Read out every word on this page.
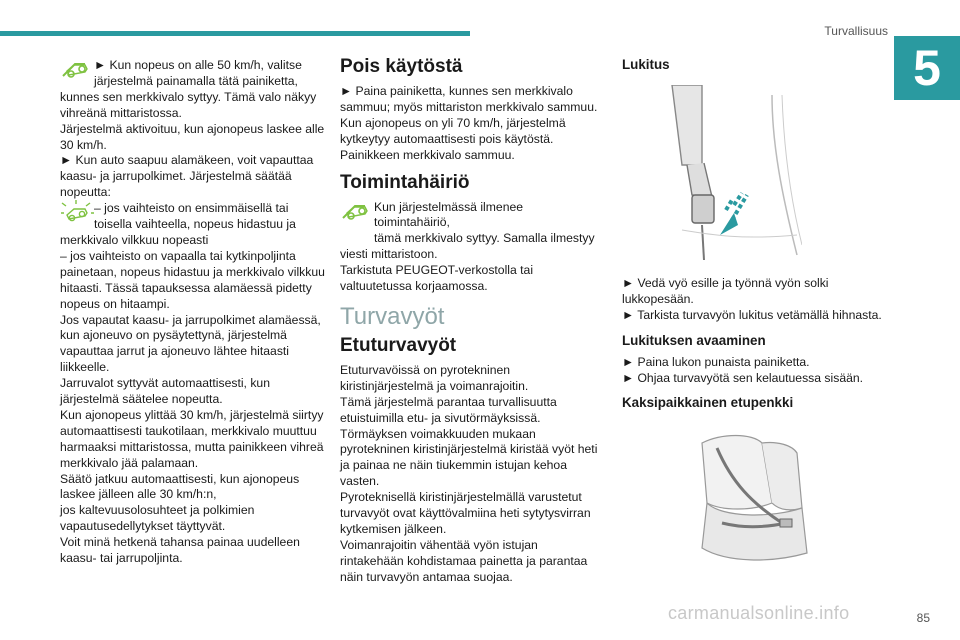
Turvallisuus
5

► Kun nopeus on alle 50 km/h, valitse

järjestelmä painamalla tätä painiketta,

kunnes sen merkkivalo syttyy. Tämä valo näkyy vihreänä mittaristossa.

Järjestelmä aktivoituu, kun ajonopeus laskee alle 30 km/h.

► Kun auto saapuu alamäkeen, voit vapauttaa kaasu- ja jarrupolkimet. Järjestelmä säätää nopeutta:

– jos vaihteisto on ensimmäisellä tai

toisella vaihteella, nopeus hidastuu ja

merkkivalo vilkkuu nopeasti

– jos vaihteisto on vapaalla tai kytkinpoljinta painetaan, nopeus hidastuu ja merkkivalo vilkkuu hitaasti. Tässä tapauksessa alamäessä pidetty nopeus on hitaampi.

Jos vapautat kaasu- ja jarrupolkimet alamäessä, kun ajoneuvo on pysäytettynä, järjestelmä vapauttaa jarrut ja ajoneuvo lähtee hitaasti liikkeelle.

Jarruvalot syttyvät automaattisesti, kun järjestelmä säätelee nopeutta.

Kun ajonopeus ylittää 30 km/h, järjestelmä siirtyy automaattisesti taukotilaan, merkkivalo muuttuu harmaaksi mittaristossa, mutta painikkeen vihreä merkkivalo jää palamaan.

Säätö jatkuu automaattisesti, kun ajonopeus laskee jälleen alle 30 km/h:n,

jos kaltevuusolosuhteet ja polkimien vapautusedellytykset täyttyvät.

Voit minä hetkenä tahansa painaa uudelleen kaasu- tai jarrupoljinta.

Pois käytöstä

► Paina painiketta, kunnes sen merkkivalo sammuu; myös mittariston merkkivalo sammuu.

Kun ajonopeus on yli 70 km/h, järjestelmä kytkeytyy automaattisesti pois käytöstä.

Painikkeen merkkivalo sammuu.

Toimintahäiriö

Kun järjestelmässä ilmenee toimintahäiriö,

tämä merkkivalo syttyy. Samalla ilmestyy

viesti mittaristoon.

Tarkistuta PEUGEOT-verkostolla tai valtuutetussa korjaamossa.

Turvavyöt
Etuturvavyöt

Etuturvavöissä on pyrotekninen kiristinjärjestelmä ja voimanrajoitin.

Tämä järjestelmä parantaa turvallisuutta etuistuimilla etu- ja sivutörmäyksissä.

Törmäyksen voimakkuuden mukaan pyrotekninen kiristinjärjestelmä kiristää vyöt heti ja painaa ne näin tiukemmin istujan kehoa vasten.

Pyroteknisellä kiristinjärjestelmällä varustetut turvavyöt ovat käyttövalmiina heti sytytysvirran kytkemisen jälkeen.

Voimanrajoitin vähentää vyön istujan rintakehään kohdistamaa painetta ja parantaa näin turvavyön antamaa suojaa.

Lukitus

► Vedä vyö esille ja työnnä vyön solki lukkopesään.

► Tarkista turvavyön lukitus vetämällä hihnasta.

Lukituksen avaaminen

► Paina lukon punaista painiketta.

► Ohjaa turvavyötä sen kelautuessa sisään.

Kaksipaikkainen etupenkki
carmanualsonline.info	85
